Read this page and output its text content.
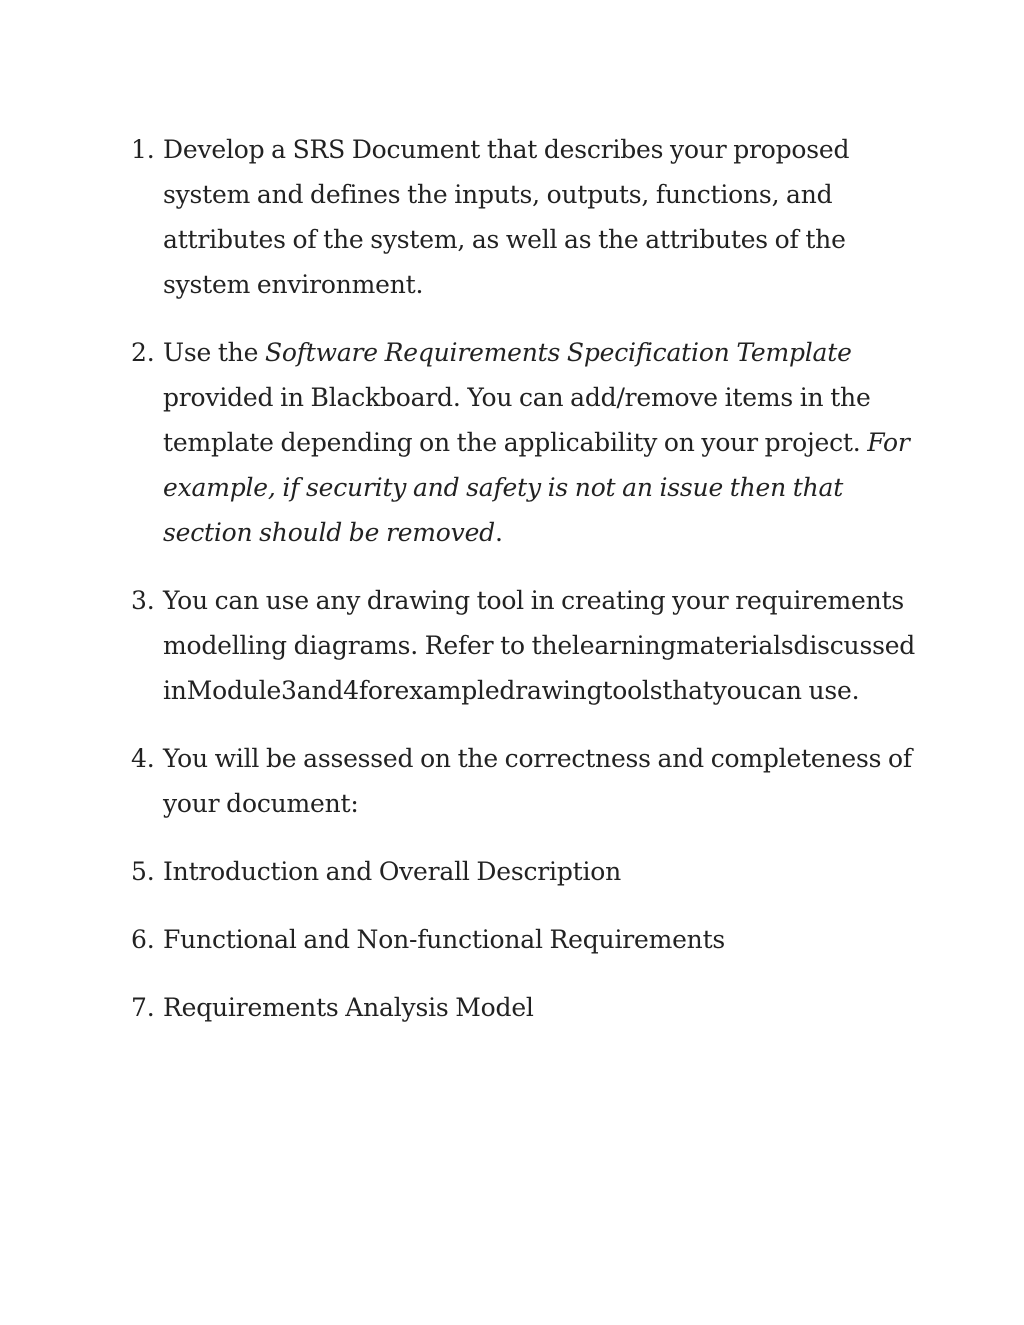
1. Develop a SRS Document that describes your proposed system and defines the inputs, outputs, functions, and attributes of the system, as well as the attributes of the system environment.
2. Use the Software Requirements Specification Template provided in Blackboard. You can add/remove items in the template depending on the applicability on your project. For example, if security and safety is not an issue then that section should be removed.
3. You can use any drawing tool in creating your requirements modelling diagrams. Refer to thelearningmaterialsdiscussedinModule3and4forexampledrawingtoolsthatyoucan use.
4. You will be assessed on the correctness and completeness of your document:
5. Introduction and Overall Description
6. Functional and Non-functional Requirements
7. Requirements Analysis Model
